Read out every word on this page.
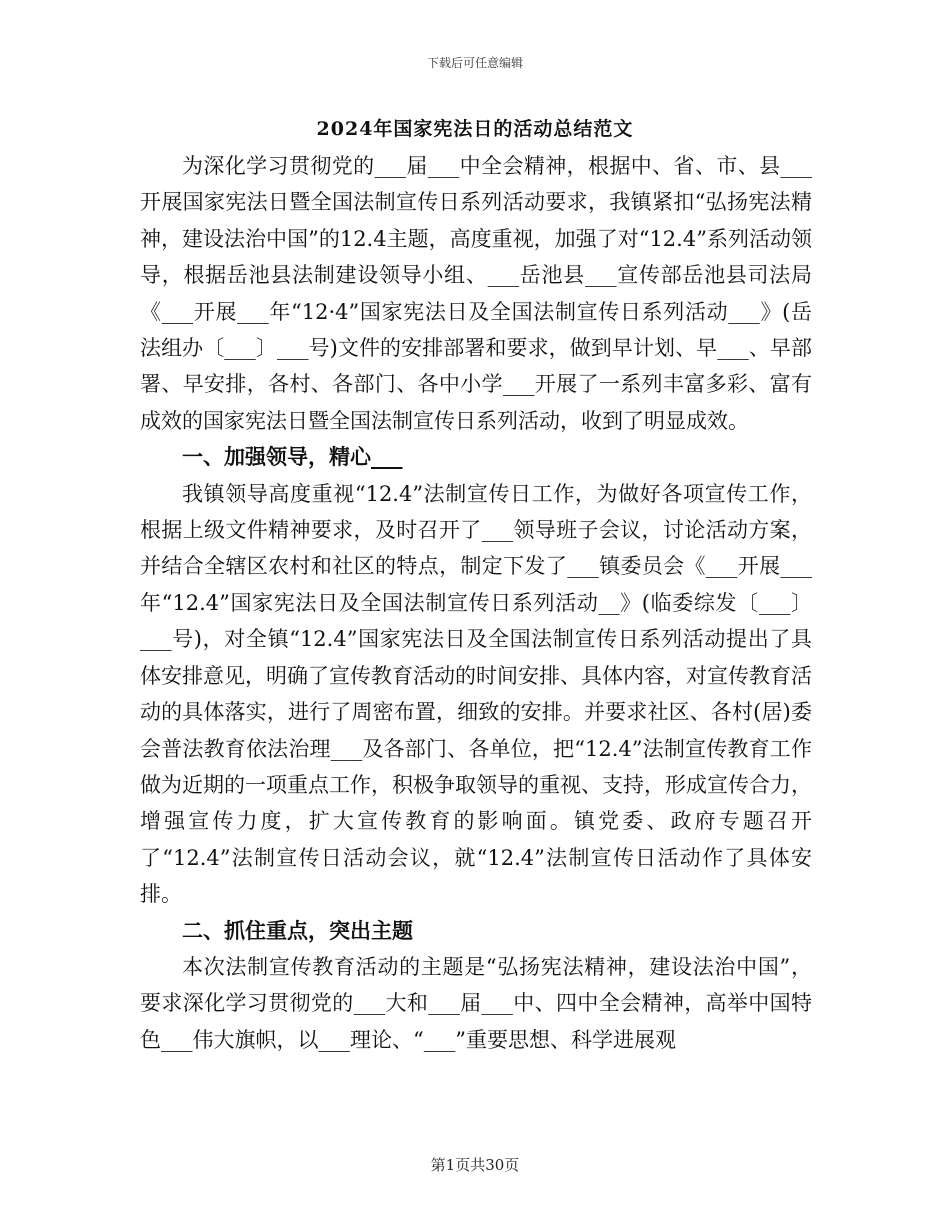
下载后可任意编辑
2024年国家宪法日的活动总结范文

为深化学习贯彻党的___届___中全会精神，根据中、省、市、县___开展国家宪法日暨全国法制宣传日系列活动要求，我镇紧扣“弘扬宪法精神，建设法治中国”的12.4主题，高度重视，加强了对“12.4”系列活动领导，根据岳池县法制建设领导小组、___岳池县___宣传部岳池县司法局《___开展___年“12·4”国家宪法日及全国法制宣传日系列活动___》(岳法组办〔___〕___号)文件的安排部署和要求，做到早计划、早___、早部署、早安排，各村、各部门、各中小学___开展了一系列丰富多彩、富有成效的国家宪法日暨全国法制宣传日系列活动，收到了明显成效。

一、加强领导，精心___

我镇领导高度重视“12.4”法制宣传日工作，为做好各项宣传工作，根据上级文件精神要求，及时召开了___领导班子会议，讨论活动方案，并结合全辖区农村和社区的特点，制定下发了___镇委员会《___开展___年“12.4”国家宪法日及全国法制宣传日系列活动__》(临委综发〔___〕___号)，对全镇“12.4”国家宪法日及全国法制宣传日系列活动提出了具体安排意见，明确了宣传教育活动的时间安排、具体内容，对宣传教育活动的具体落实，进行了周密布置，细致的安排。并要求社区、各村(居)委会普法教育依法治理___及各部门、各单位，把“12.4”法制宣传教育工作做为近期的一项重点工作，积极争取领导的重视、支持，形成宣传合力，增强宣传力度，扩大宣传教育的影响面。镇党委、政府专题召开了“12.4”法制宣传日活动会议，就“12.4”法制宣传日活动作了具体安排。

二、抓住重点，突出主题

本次法制宣传教育活动的主题是“弘扬宪法精神，建设法治中国”，要求深化学习贯彻党的___大和___届___中、四中全会精神，高举中国特色___伟大旗帜，以___理论、“___”重要思想、科学进展观

第1页共30页
